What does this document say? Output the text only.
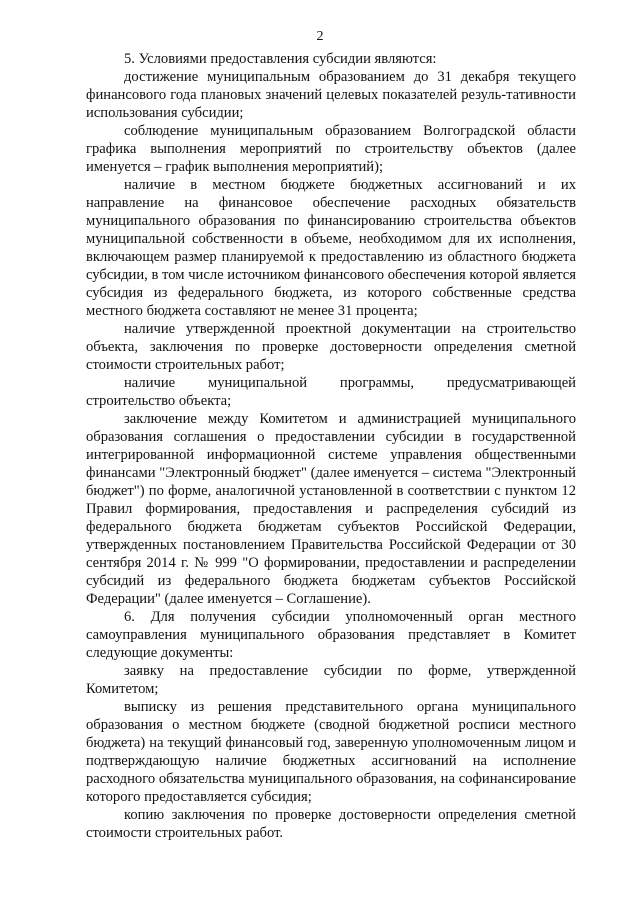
2

5. Условиями предоставления субсидии являются:

достижение муниципальным образованием до 31 декабря текущего финансового года плановых значений целевых показателей резуль-тативности использования субсидии;

соблюдение муниципальным образованием Волгоградской области графика выполнения мероприятий по строительству объектов (далее именуется – график выполнения мероприятий);

наличие в местном бюджете бюджетных ассигнований и их направление на финансовое обеспечение расходных обязательств муниципального образования по финансированию строительства объектов муниципальной собственности в объеме, необходимом для их исполнения, включающем размер планируемой к предоставлению из областного бюджета субсидии, в том числе источником финансового обеспечения которой является субсидия из федерального бюджета, из которого собственные средства местного бюджета составляют не менее 31 процента;

наличие утвержденной проектной документации на строительство объекта, заключения по проверке достоверности определения сметной стоимости строительных работ;

наличие муниципальной программы, предусматривающей строительство объекта;

заключение между Комитетом и администрацией муниципального образования соглашения о предоставлении субсидии в государственной интегрированной информационной системе управления общественными финансами "Электронный бюджет" (далее именуется – система "Электронный бюджет") по форме, аналогичной установленной в соответствии с пунктом 12 Правил формирования, предоставления и распределения субсидий из федерального бюджета бюджетам субъектов Российской Федерации, утвержденных постановлением Правительства Российской Федерации от 30 сентября 2014 г. № 999 "О формировании, предоставлении и распределении субсидий из федерального бюджета бюджетам субъектов Российской Федерации" (далее именуется – Соглашение).

6. Для получения субсидии уполномоченный орган местного самоуправления муниципального образования представляет в Комитет следующие документы:

заявку на предоставление субсидии по форме, утвержденной Комитетом;

выписку из решения представительного органа муниципального образования о местном бюджете (сводной бюджетной росписи местного бюджета) на текущий финансовый год, заверенную уполномоченным лицом и подтверждающую наличие бюджетных ассигнований на исполнение расходного обязательства муниципального образования, на софинансирование которого предоставляется субсидия;

копию заключения по проверке достоверности определения сметной стоимости строительных работ.
